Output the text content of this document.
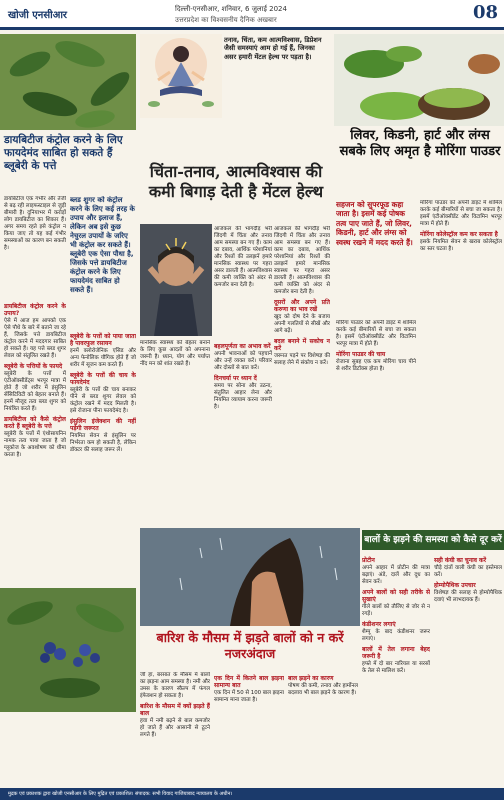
खोजी एनसीआर
दिल्ली-एनसीआर, शनिवार, 6 जुलाई 2024
उत्तरप्रदेश का विश्वसनीय दैनिक अखबार	08
डायबिटीज कंट्रोल करने के लिए फायदेमंद साबित हो सकते हैं ब्लूबेरी के पत्ते
डायबिटीज एक गंभीर और तेजी से बढ़ रही लाइफस्टाइल से जुड़ी बीमारी है। दुनियाभर में करोड़ों लोग डायबिटीज का शिकार हैं। अगर समय रहते इसे कंट्रोल न किया जाए तो यह कई गंभीर समस्याओं का कारण बन सकती है।
ब्लड शुगर को कंट्रोल करने के लिए कई तरह के उपाय और इलाज हैं, लेकिन अब इसे कुछ नेचुरल उपायों के जरिए भी कंट्रोल कर सकते हैं। ब्लूबेरी एक ऐसा पौधा है, जिसके पत्ते डायबिटीज कंट्रोल करने के लिए फायदेमंद साबित हो सकते हैं।
डायबिटीज कंट्रोल करने के उपाय?
ऐसे में आज हम आपको एक ऐसे पौधे के बारे में बताने जा रहे हैं, जिसके पत्ते डायबिटीज कंट्रोल करने में मददगार साबित हो सकते हैं। यह पत्ते ब्लड शुगर लेवल को संतुलित रखते हैं।
ब्लूबेरी के पत्तियों के फायदे
ब्लूबेरी के पत्तों में एंटीऑक्सीडेंट्स भरपूर मात्रा में होते हैं जो शरीर में इंसुलिन सेंसिटिविटी को बेहतर बनाते हैं। इनमें मौजूद तत्व ब्लड शुगर को नियंत्रित करते हैं।
डायबिटीज को कैसे कंट्रोल करते हैं ब्लूबेरी के पत्ते
ब्लूबेरी के पत्तों में एंथोसायनिन नामक तत्व पाया जाता है जो ग्लूकोज के अवशोषण को धीमा करता है।
ब्लूबेरी के पत्तों को पाया जाता है पावरफुल रसायन
इनमें क्लोरोजेनिक एसिड और अन्य फेनोलिक यौगिक होते हैं जो शरीर में सूजन कम करते हैं।
ब्लूबेरी के पत्तों की चाय के फायदेमंद
ब्लूबेरी के पत्तों की चाय बनाकर पीने से ब्लड शुगर लेवल को कंट्रोल रखने में मदद मिलती है। इसे रोजाना पीना फायदेमंद है।
इंसुलिन इंजेक्शन की नहीं पड़ेगी जरूरत
नियमित सेवन से इंसुलिन पर निर्भरता कम हो सकती है, लेकिन डॉक्टर की सलाह जरूर लें।
तनाव, चिंता, कम आत्मविश्वास, डिप्रेशन जैसी समस्याएं आम हो गई हैं, जिनका असर हमारी मेंटल हेल्थ पर पड़ता है।
चिंता-तनाव, आत्मविश्वास की कमी बिगाड़ देती है मेंटल हेल्थ
आजकल की भागदौड़ भरी जिंदगी में चिंता और तनाव आम समस्या बन गए हैं। काम का दबाव, आर्थिक परेशानियां और रिश्तों की उलझनें हमारे मानसिक स्वास्थ्य पर गहरा असर डालती हैं। आत्मविश्वास की कमी व्यक्ति को अंदर से कमजोर बना देती है।
आजकल की भागदौड़ भरी जिंदगी में चिंता और तनाव आम समस्या बन गए हैं। काम का दबाव, आर्थिक परेशानियां और रिश्तों की उलझनें हमारे मानसिक स्वास्थ्य पर गहरा असर डालती हैं। आत्मविश्वास की कमी व्यक्ति को अंदर से कमजोर बना देती है।
दूसरों और अपने प्रति करुणा का भाव रखें
खुद को दोष देने के बजाय अपनी गलतियों से सीखें और आगे बढ़ें।
बदल बनाने में सकोच न करें
जरूरत पड़ने पर विशेषज्ञ की सलाह लेने में संकोच न करें।
मानसिक स्वास्थ्य को बेहतर बनाने के लिए कुछ आदतों को अपनाना जरूरी है। ध्यान, योग और पर्याप्त नींद मन को शांत रखते हैं।
बहलपूर्णता का अभाव करें
अपनी भावनाओं को पहचानें और उन्हें व्यक्त करें। परिवार और दोस्तों से बात करें।
दिनचर्या पर ध्यान दें
समय पर सोना और उठना, संतुलित आहार लेना और नियमित व्यायाम करना जरूरी है।
लिवर, किडनी, हार्ट और लंग्स सबके लिए अमृत है मोरिंगा पाउडर
सहजन को सुपरफूड कहा जाता है। इसमें कई पोषक तत्व पाए जाते हैं, जो लिवर, किडनी, हार्ट और लंग्स को स्वस्थ रखने में मदद करते हैं।
मोरिंगा पाउडर को अपनी डाइट में शामिल करके कई बीमारियों से बचा जा सकता है। इसमें एंटीऑक्सीडेंट और विटामिन भरपूर मात्रा में होते हैं।
मोरिंगा कोलेस्ट्रॉल कम कर सकता है
इसके नियमित सेवन से खराब कोलेस्ट्रॉल का स्तर घटता है।
मोरिंगा पाउडर को अपनी डाइट में शामिल करके कई बीमारियों से बचा जा सकता है। इसमें एंटीऑक्सीडेंट और विटामिन भरपूर मात्रा में होते हैं।
मोरिंगा पाउडर की चाय
रोजाना सुबह एक कप मोरिंगा चाय पीने से शरीर डिटॉक्स होता है।
बालों के झड़ने की समस्या को कैसे दूर करें
बारिश के मौसम में झड़ते बालों को न करें नजरअंदाज
जी हां, बरसात के मौसम में बालों का झड़ना आम समस्या है। नमी और उमस के कारण स्कैल्प में फंगल इंफेक्शन हो सकता है।
बारिश के मौसम में क्यों झड़ते हैं बाल
हवा में नमी बढ़ने से बाल कमजोर हो जाते हैं और आसानी से टूटने लगते हैं।
एक दिन में कितने बाल झड़ना सामान्य बात
एक दिन में 50 से 100 बाल झड़ना सामान्य माना जाता है।
बाल झड़ने का कारण
पोषण की कमी, तनाव और हार्मोनल बदलाव भी बाल झड़ने के कारण हैं।
प्रोटीन
अपने आहार में प्रोटीन की मात्रा बढ़ाएं। अंडे, दालें और दूध का सेवन करें।
अपने बालों को सही तरीके से सुखाएं
गीले बालों को तौलिए से जोर से न रगड़ें।
कंडीशनर लगाएं
शैम्पू के बाद कंडीशनर जरूर लगाएं।
बालों में तेल लगाना बेहद जरूरी है
हफ्ते में दो बार नारियल या सरसों के तेल से मालिश करें।
सही कंघी का चुनाव करें
चौड़े दांतों वाली कंघी का इस्तेमाल करें।
होम्योपैथिक उपचार
विशेषज्ञ की सलाह से होम्योपैथिक दवाएं भी लाभदायक हैं।
मुद्रक एवं प्रकाशक द्वारा खोजी एनसीआर के लिए मुद्रित एवं प्रकाशित। संपादक: सभी विवाद गाजियाबाद न्यायालय के अधीन।
